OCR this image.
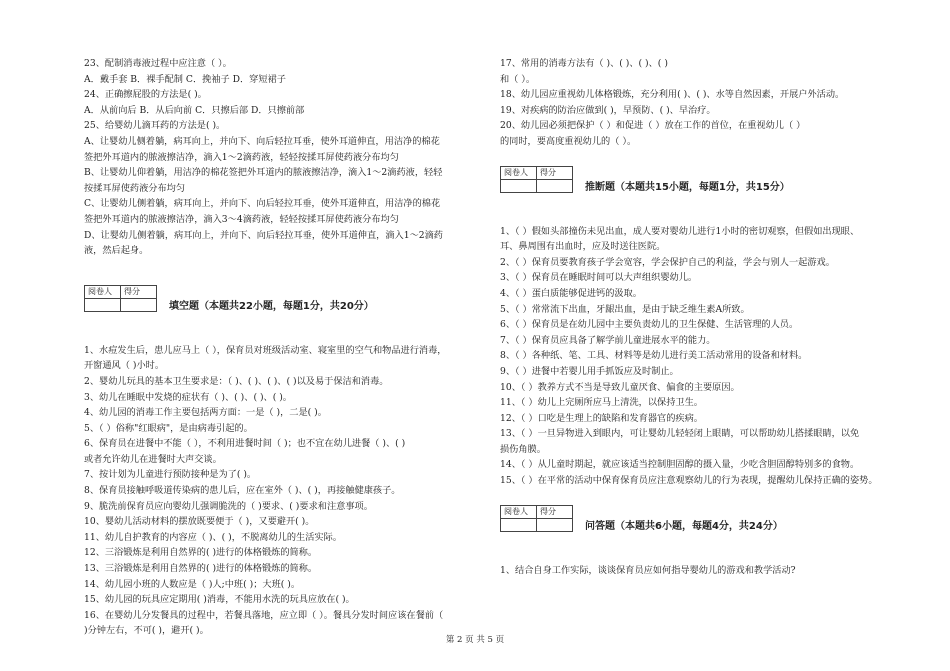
23、配制消毒液过程中应注意（ ）。
A．戴手套 B．裸手配制 C．挽袖子 D．穿短裙子
24、正确擦屁股的方法是( )。
A．从前向后 B．从后向前 C．只擦后部 D．只擦前部
25、给婴幼儿滴耳药的方法是( )。
A、让婴幼儿侧着躺，病耳向上，并向下、向后轻拉耳垂，使外耳道伸直，用洁净的棉花
签把外耳道内的脓液擦洁净，滴入1～2滴药液，轻轻按揉耳屏使药液分布均匀
B、让婴幼儿仰着躺，用洁净的棉花签把外耳道内的脓液擦洁净，滴入1～2滴药液，轻轻
按揉耳屏使药液分布均匀
C、让婴幼儿侧着躺，病耳向上，并向下、向后轻拉耳垂，使外耳道伸直，用洁净的棉花
签把外耳道内的脓液擦洁净，滴入3～4滴药液，轻轻按揉耳屏使药液分布均匀
D、让婴幼儿侧着躺，病耳向上，并向下、向后轻拉耳垂，使外耳道伸直，滴入1～2滴药
液，然后起身。
阅卷人	得分

填空题（本题共22小题，每题1分，共20分）
1、水痘发生后，患儿应马上（ ），保育员对班级活动室、寝室里的空气和物品进行消毒，
开窗通风（ )小时。
2、婴幼儿玩具的基本卫生要求是：（ )、( )、( )、( )以及易于保洁和消毒。
3、幼儿在睡眠中发烧的症状有（ )、( )、( )、( )。
4、幼儿园的消毒工作主要包括两方面：一是（ )，二是( )。
5、（ ）俗称"红眼病"，是由病毒引起的。
6、保育员在进餐中不能（ ），不利用进餐时间（ )；也不宜在幼儿进餐（ )、( )
或者允许幼儿在进餐时大声交谈。
7、按计划为儿童进行预防接种是为了( )。
8、保育员接触呼吸道传染病的患儿后，应在室外（ )、( )，再接触健康孩子。
9、脆洗前保育员应向婴幼儿强调脆洗的（ )要求、( )要求和注意事项。
10、婴幼儿活动材料的摆放既要便于（ )，又要避开( )。
11、幼儿自护教育的内容应（ )、( )，不脱离幼儿的生活实际。
12、三浴锻炼是利用自然界的( )进行的体格锻炼的简称。
13、三浴锻炼是利用自然界的( )进行的体格锻炼的简称。
14、幼儿园小班的人数应是（ )人;中班( )；大班( )。
15、幼儿园的玩具应定期用( )消毒，不能用水洗的玩具应放在( )。
16、在婴幼儿分发餐具的过程中，若餐具落地，应立即（ ）。餐具分发时间应该在餐前（
)分钟左右，不可( )，避开( )。
17、常用的消毒方法有（ )、( )、( )、( )
和（ ）。
18、幼儿园应重视幼儿体格锻炼，充分利用( )、( )、水等自然因素，开展户外活动。
19、对疾病的防治应做到( )，早预防、( )、早治疗。
20、幼儿园必须把保护（ ）和促进（ ）放在工作的首位，在重视幼儿（ ）
的同时，要高度重视幼儿的（ ）。
阅卷人	得分

推断题（本题共15小题，每题1分，共15分）
1、（ ）假如头部撞伤未见出血，成人要对婴幼儿进行1小时的密切观察，但假如出现眼、
耳、鼻周围有出血时，应及时送往医院。
2、（ ）保育员要教育孩子学会宽容，学会保护自己的利益，学会与别人一起游戏。
3、（ ）保育员在睡眠时间可以大声组织婴幼儿。
4、（ ）蛋白质能够促进钙的汲取。
5、（ ）常常流下出血，牙龈出血，是由于缺乏维生素A所致。
6、（ ）保育员是在幼儿园中主要负责幼儿的卫生保健、生活管理的人员。
7、（ ）保育员应具备了解学前儿童进展水平的能力。
8、（ ）各种纸、笔、工具、材料等是幼儿进行美工活动常用的设备和材料。
9、（ ）进餐中若婴儿用手抓饭应及时制止。
10、（ ）教养方式不当是导致儿童厌食、偏食的主要原因。
11、（ ）幼儿上完厕所应马上清洗，以保持卫生。
12、（ ）口吃是生理上的缺陷和发育器官的疾病。
13、（ ）一旦异物进入到眼内，可让婴幼儿轻轻闭上眼睛，可以帮助幼儿搭揉眼睛，以免
损伤角膜。
14、（ ）从儿童时期起，就应该适当控制胆固醇的摄入量，少吃含胆固醇特别多的食物。
15、（ ）在平常的活动中保育保育员应注意观察幼儿的行为表现，提醒幼儿保持正确的姿势。
阅卷人	得分

问答题（本题共6小题，每题4分，共24分）
1、结合自身工作实际，谈谈保育员应如何指导婴幼儿的游戏和教学活动?
第 2 页 共 5 页
